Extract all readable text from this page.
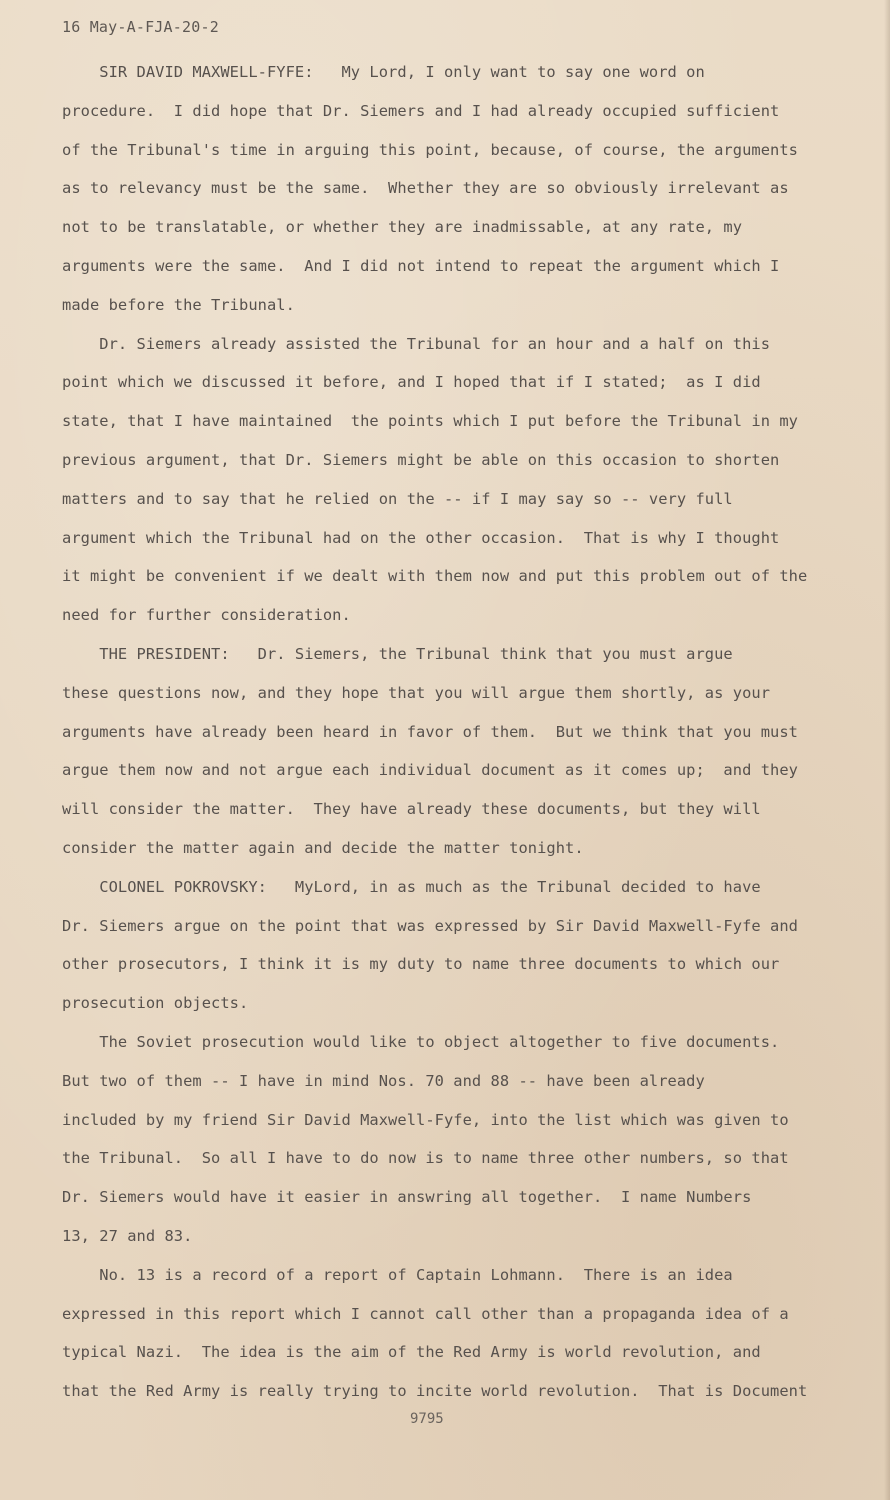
16 May-A-FJA-20-2
SIR DAVID MAXWELL-FYFE:   My Lord, I only want to say one word on
procedure.  I did hope that Dr. Siemers and I had already occupied sufficient
of the Tribunal's time in arguing this point, because, of course, the arguments
as to relevancy must be the same.  Whether they are so obviously irrelevant as
not to be translatable, or whether they are inadmissable, at any rate, my
arguments were the same.  And I did not intend to repeat the argument which I
made before the Tribunal.
Dr. Siemers already assisted the Tribunal for an hour and a half on this
point which we discussed it before, and I hoped that if I stated;  as I did
state, that I have maintained  the points which I put before the Tribunal in my
previous argument, that Dr. Siemers might be able on this occasion to shorten
matters and to say that he relied on the -- if I may say so -- very full
argument which the Tribunal had on the other occasion.  That is why I thought
it might be convenient if we dealt with them now and put this problem out of the
need for further consideration.
THE PRESIDENT:   Dr. Siemers, the Tribunal think that you must argue
these questions now, and they hope that you will argue them shortly, as your
arguments have already been heard in favor of them.  But we think that you must
argue them now and not argue each individual document as it comes up;  and they
will consider the matter.  They have already these documents, but they will
consider the matter again and decide the matter tonight.
COLONEL POKROVSKY:   MyLord, in as much as the Tribunal decided to have
Dr. Siemers argue on the point that was expressed by Sir David Maxwell-Fyfe and
other prosecutors, I think it is my duty to name three documents to which our
prosecution objects.
The Soviet prosecution would like to object altogether to five documents.
But two of them -- I have in mind Nos. 70 and 88 -- have been already
included by my friend Sir David Maxwell-Fyfe, into the list which was given to
the Tribunal.  So all I have to do now is to name three other numbers, so that
Dr. Siemers would have it easier in answring all together.  I name Numbers
13, 27 and 83.
No. 13 is a record of a report of Captain Lohmann.  There is an idea
expressed in this report which I cannot call other than a propaganda idea of a
typical Nazi.  The idea is the aim of the Red Army is world revolution, and
that the Red Army is really trying to incite world revolution.  That is Document
9795
